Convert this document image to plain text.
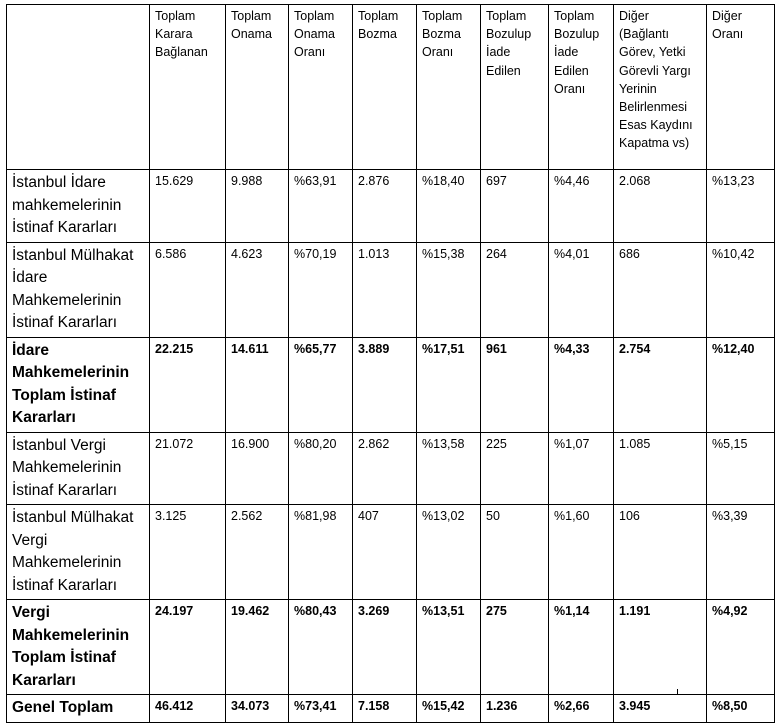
	Toplam Karara Bağlanan	Toplam Onama	Toplam Onama Oranı	Toplam Bozma	Toplam Bozma Oranı	Toplam Bozulup İade Edilen	Toplam Bozulup İade Edilen Oranı	Diğer (Bağlantı Görev, Yetki Görevli Yargı Yerinin Belirlenmesi Esas Kaydını Kapatma vs)	Diğer Oranı
İstanbul İdare mahkemelerinin İstinaf Kararları	15.629	9.988	%63,91	2.876	%18,40	697	%4,46	2.068	%13,23
İstanbul Mülhakat İdare Mahkemelerinin İstinaf Kararları	6.586	4.623	%70,19	1.013	%15,38	264	%4,01	686	%10,42
İdare Mahkemelerinin Toplam İstinaf Kararları	22.215	14.611	%65,77	3.889	%17,51	961	%4,33	2.754	%12,40
İstanbul Vergi Mahkemelerinin İstinaf Kararları	21.072	16.900	%80,20	2.862	%13,58	225	%1,07	1.085	%5,15
İstanbul Mülhakat Vergi Mahkemelerinin İstinaf Kararları	3.125	2.562	%81,98	407	%13,02	50	%1,60	106	%3,39
Vergi Mahkemelerinin Toplam İstinaf Kararları	24.197	19.462	%80,43	3.269	%13,51	275	%1,14	1.191	%4,92
Genel Toplam	46.412	34.073	%73,41	7.158	%15,42	1.236	%2,66	3.945	%8,50
